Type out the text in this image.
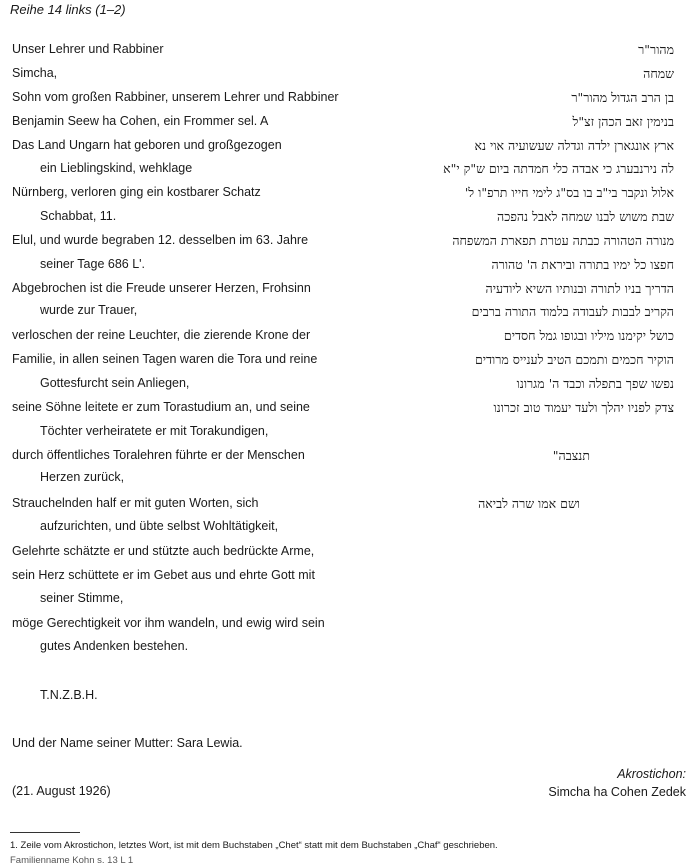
Reihe 14 links (1–2)
Unser Lehrer und Rabbiner
Simcha,
Sohn vom großen Rabbiner, unserem Lehrer und Rabbiner
Benjamin Seew ha Cohen, ein Frommer sel. A
Das Land Ungarn hat geboren und großgezogen
ein Lieblingskind, wehklage
Nürnberg, verloren ging ein kostbarer Schatz
Schabbat, 11.
Elul, und wurde begraben 12. desselben im 63. Jahre
seiner Tage 686 L'.
Abgebrochen ist die Freude unserer Herzen, Frohsinn
wurde zur Trauer,
verloschen der reine Leuchter, die zierende Krone der
Familie, in allen seinen Tagen waren die Tora und reine
Gottesfurcht sein Anliegen,
seine Söhne leitete er zum Torastudium an, und seine
Töchter verheiratete er mit Torakundigen,
durch öffentliches Toralehren führte er der Menschen
Herzen zurück,
Strauchelnden half er mit guten Worten, sich
aufzurichten, und übte selbst Wohltätigkeit,
Gelehrte schätzte er und stützte auch bedrückte Arme,
sein Herz schüttete er im Gebet aus und ehrte Gott mit
seiner Stimme,
möge Gerechtigkeit vor ihm wandeln, und ewig wird sein
gutes Andenken bestehen.
T.N.Z.B.H.
Und der Name seiner Mutter: Sara Lewia.
(21. August 1926)
מהור"ר
שמחה
בן הרב הגדול מהור"ר
בנימין זאב הכהן זצ"ל
ארץ אונגארן ילדה וגדלה שעשועיה אוי נא
לה נירנבערג כי אבדה כלי חמדתה ביום ש"ק י"א
אלול ונקבר בי"ב בו בס"ג לימי חייו תרפ"ו ל'
שבת משוש לבנו שמחה לאבל נהפכה
מנורה הטהורה כבתה עטרת תפארת המשפחה
חפצו כל ימיו בתורה וביראת ה' טהורה
הדריך בניו לתורה ובנותיו השיא ליודעיה
הקריב לבבות לעבודה בלמוד התורה ברבים
כושל יקימנו מיליו ובגופו גמל חסדים
הוקיר חכמים ותמכם הטיב לענייס מרודים
נפשו שפך בתפלה וכבד ה' מגרונו
צדק לפניו יהלך ולעד יעמוד טוב זכרונו
תנצבה"
ושם אמו שרה לביאה
Akrostichon:
Simcha ha Cohen Zedek
1. Zeile vom Akrostichon, letztes Wort, ist mit dem Buchstaben „Chet“ statt mit dem Buchstaben „Chaf“ geschrieben.
Familienname Kohn s. 13 L 1
